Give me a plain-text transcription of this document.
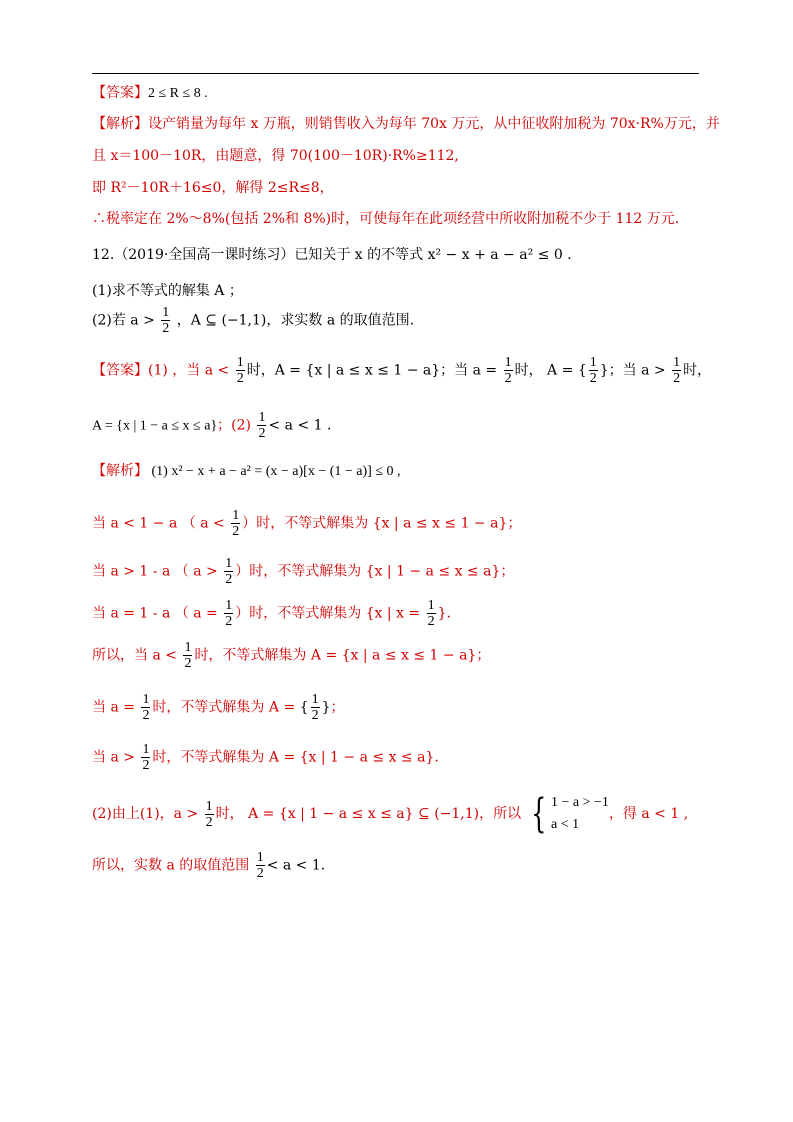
【答案】2 ≤ R ≤ 8 .
【解析】设产销量为每年 x 万瓶，则销售收入为每年 70x 万元，从中征收附加税为 70x·R%万元，并
且 x＝100－10R，由题意，得 70(100－10R)·R%≥112,
即 R²－10R＋16≤0，解得 2≤R≤8，
∴税率定在 2%～8%(包括 2%和 8%)时，可使每年在此项经营中所收附加税不少于 112 万元．
12.（2019·全国高一课时练习）已知关于 x 的不等式 x² − x + a − a² ≤ 0 .
(1)求不等式的解集 A ；
(2)若 $a > \frac{1}{2}$ ，A ⊆ (−1,1)，求实数 a 的取值范围.
【答案】(1) ，当 $a < \frac{1}{2}$ 时，A = {x | a ≤ x ≤ 1 − a}；当 $a = \frac{1}{2}$ 时， A = { $\frac{1}{2}$ }；当 $a > \frac{1}{2}$ 时，
A = {x | 1 − a ≤ x ≤ a}；$(2) \frac{1}{2} < a < 1$ .
【解析】 (1) x² − x + a − a² = (x − a)[x − (1 − a)] ≤ 0 ,
当 a < 1 − a （ $a < \frac{1}{2}$ ）时，不等式解集为 {x | a ≤ x ≤ 1 − a}；
当 a > 1 - a （ $a > \frac{1}{2}$ ）时，不等式解集为 {x | 1 − a ≤ x ≤ a}；
当 a = 1 - a （ $a = \frac{1}{2}$ ）时，不等式解集为 {x | $x = \frac{1}{2}$ }.
所以，当 $a < \frac{1}{2}$ 时，不等式解集为 A = {x | a ≤ x ≤ 1 − a}；
当 $a = \frac{1}{2}$ 时，不等式解集为 A = { $\frac{1}{2}$ }；
当 $a > \frac{1}{2}$ 时，不等式解集为 A = {x | 1 − a ≤ x ≤ a}.
(2)由上(1)，$a > \frac{1}{2}$ 时， A = {x | 1 − a ≤ x ≤ a} ⊆ (−1,1)，所以 { 1 − a > −1
a < 1
，得 a < 1 ,
所以，实数 a 的取值范围 $\frac{1}{2} < a < 1$.
